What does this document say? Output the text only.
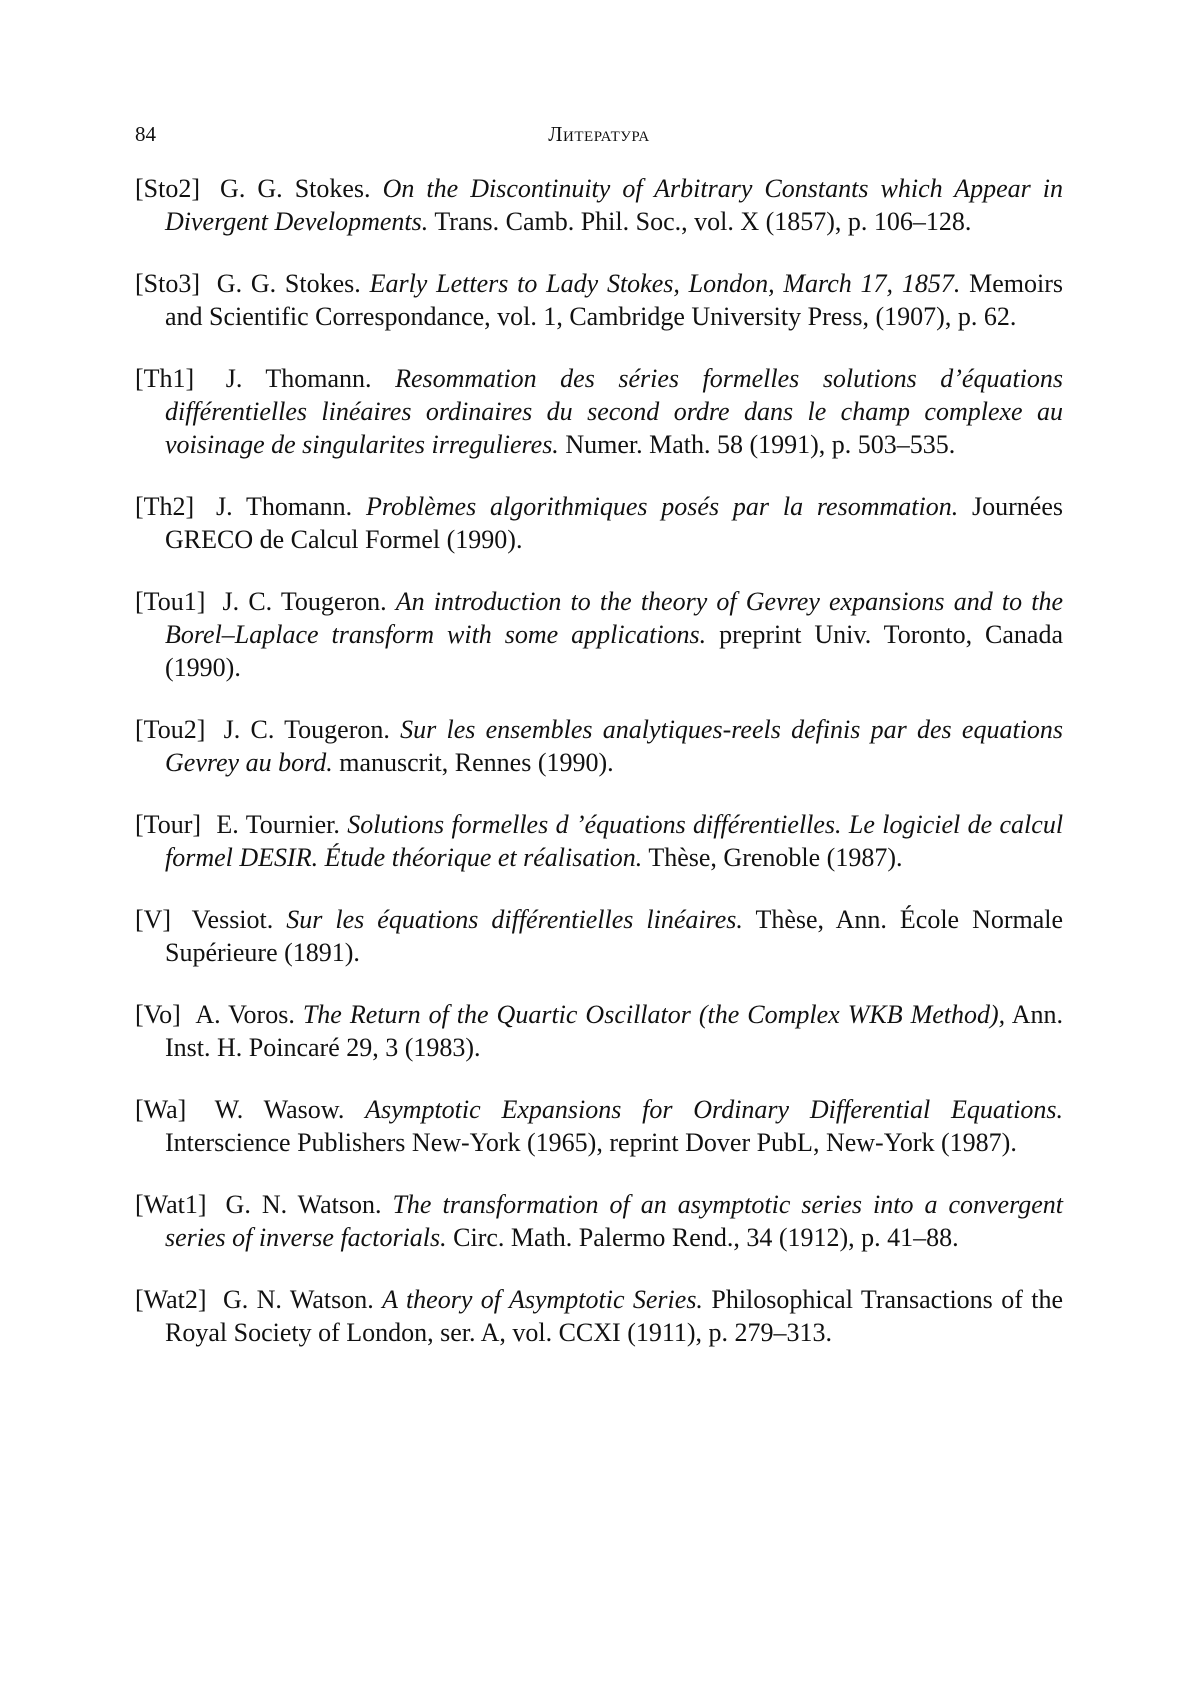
84	Литература
[Sto2] G. G. Stokes. On the Discontinuity of Arbitrary Constants which Appear in Divergent Developments. Trans. Camb. Phil. Soc., vol. X (1857), p. 106–128.
[Sto3] G. G. Stokes. Early Letters to Lady Stokes, London, March 17, 1857. Memoirs and Scientific Correspondance, vol. 1, Cambridge University Press, (1907), p. 62.
[Th1] J. Thomann. Resommation des séries formelles solutions d’équations différentielles linéaires ordinaires du second ordre dans le champ complexe au voisinage de singularites irregulieres. Numer. Math. 58 (1991), p. 503–535.
[Th2] J. Thomann. Problèmes algorithmiques posés par la resommation. Journées GRECO de Calcul Formel (1990).
[Tou1] J. C. Tougeron. An introduction to the theory of Gevrey expansions and to the Borel–Laplace transform with some applications. preprint Univ. Toronto, Canada (1990).
[Tou2] J. C. Tougeron. Sur les ensembles analytiques-reels definis par des equations Gevrey au bord. manuscrit, Rennes (1990).
[Tour] E. Tournier. Solutions formelles d ’équations différentielles. Le logiciel de calcul formel DESIR. Étude théorique et réalisation. Thèse, Grenoble (1987).
[V] Vessiot. Sur les équations différentielles linéaires. Thèse, Ann. École Normale Supérieure (1891).
[Vo] A. Voros. The Return of the Quartic Oscillator (the Complex WKB Method), Ann. Inst. H. Poincaré 29, 3 (1983).
[Wa] W. Wasow. Asymptotic Expansions for Ordinary Differential Equations. Interscience Publishers New-York (1965), reprint Dover PubL, New-York (1987).
[Wat1] G. N. Watson. The transformation of an asymptotic series into a convergent series of inverse factorials. Circ. Math. Palermo Rend., 34 (1912), p. 41–88.
[Wat2] G. N. Watson. A theory of Asymptotic Series. Philosophical Transactions of the Royal Society of London, ser. A, vol. CCXI (1911), p. 279–313.
